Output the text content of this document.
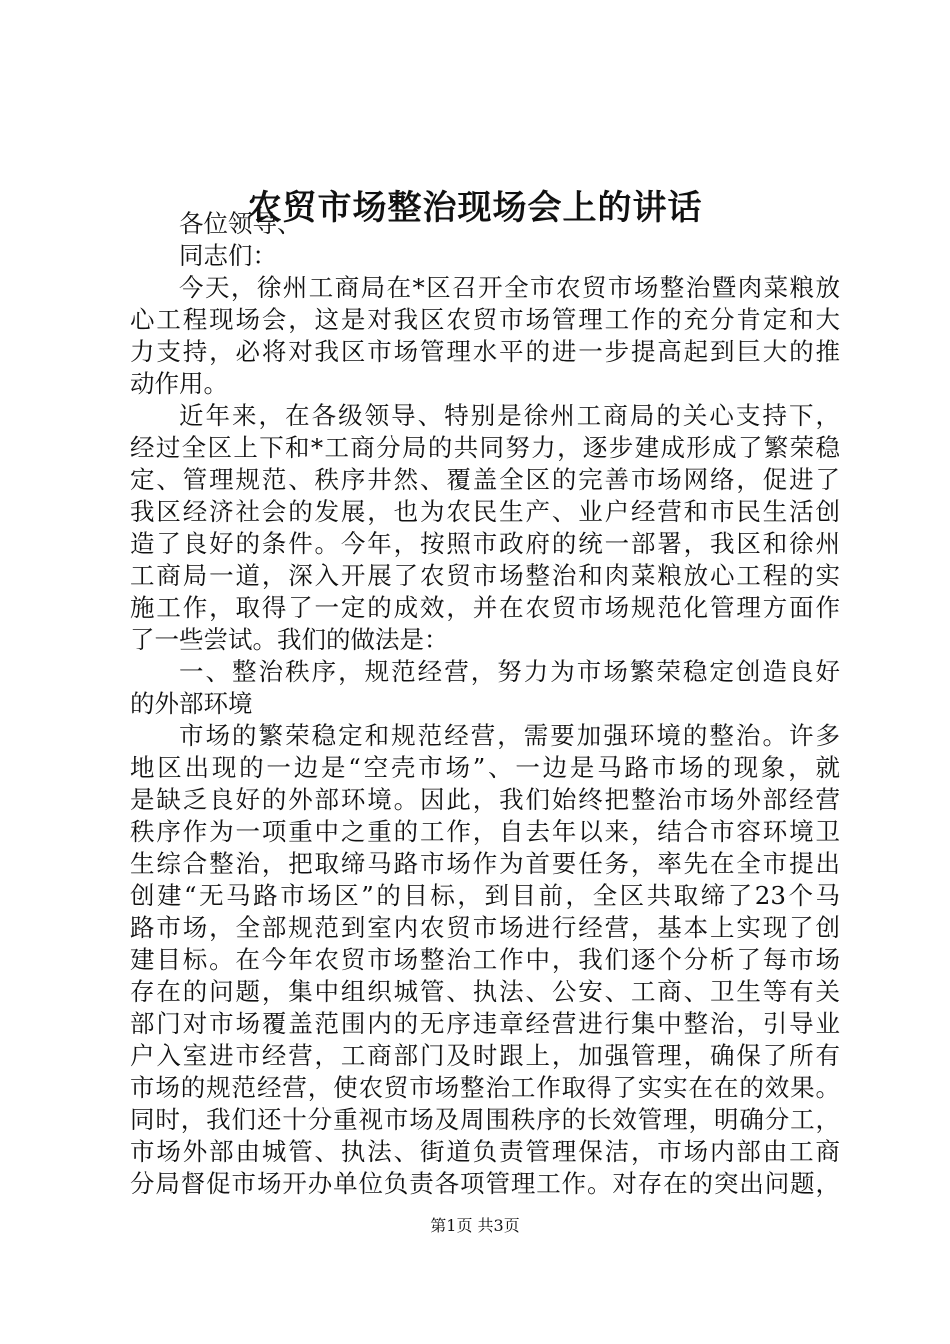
农贸市场整治现场会上的讲话
各位领导、
同志们：
今天，徐州工商局在*区召开全市农贸市场整治暨肉菜粮放
心工程现场会，这是对我区农贸市场管理工作的充分肯定和大
力支持，必将对我区市场管理水平的进一步提高起到巨大的推
动作用。
近年来，在各级领导、特别是徐州工商局的关心支持下，
经过全区上下和*工商分局的共同努力，逐步建成形成了繁荣稳
定、管理规范、秩序井然、覆盖全区的完善市场网络，促进了
我区经济社会的发展，也为农民生产、业户经营和市民生活创
造了良好的条件。今年，按照市政府的统一部署，我区和徐州
工商局一道，深入开展了农贸市场整治和肉菜粮放心工程的实
施工作，取得了一定的成效，并在农贸市场规范化管理方面作
了一些尝试。我们的做法是：
一、整治秩序，规范经营，努力为市场繁荣稳定创造良好
的外部环境
市场的繁荣稳定和规范经营，需要加强环境的整治。许多
地区出现的一边是“空壳市场”、一边是马路市场的现象，就
是缺乏良好的外部环境。因此，我们始终把整治市场外部经营
秩序作为一项重中之重的工作，自去年以来，结合市容环境卫
生综合整治，把取缔马路市场作为首要任务，率先在全市提出
创建“无马路市场区”的目标，到目前，全区共取缔了23个马
路市场，全部规范到室内农贸市场进行经营，基本上实现了创
建目标。在今年农贸市场整治工作中，我们逐个分析了每市场
存在的问题，集中组织城管、执法、公安、工商、卫生等有关
部门对市场覆盖范围内的无序违章经营进行集中整治，引导业
户入室进市经营，工商部门及时跟上，加强管理，确保了所有
市场的规范经营，使农贸市场整治工作取得了实实在在的效果。
同时，我们还十分重视市场及周围秩序的长效管理，明确分工，
市场外部由城管、执法、街道负责管理保洁，市场内部由工商
分局督促市场开办单位负责各项管理工作。对存在的突出问题，
第1页 共3页
